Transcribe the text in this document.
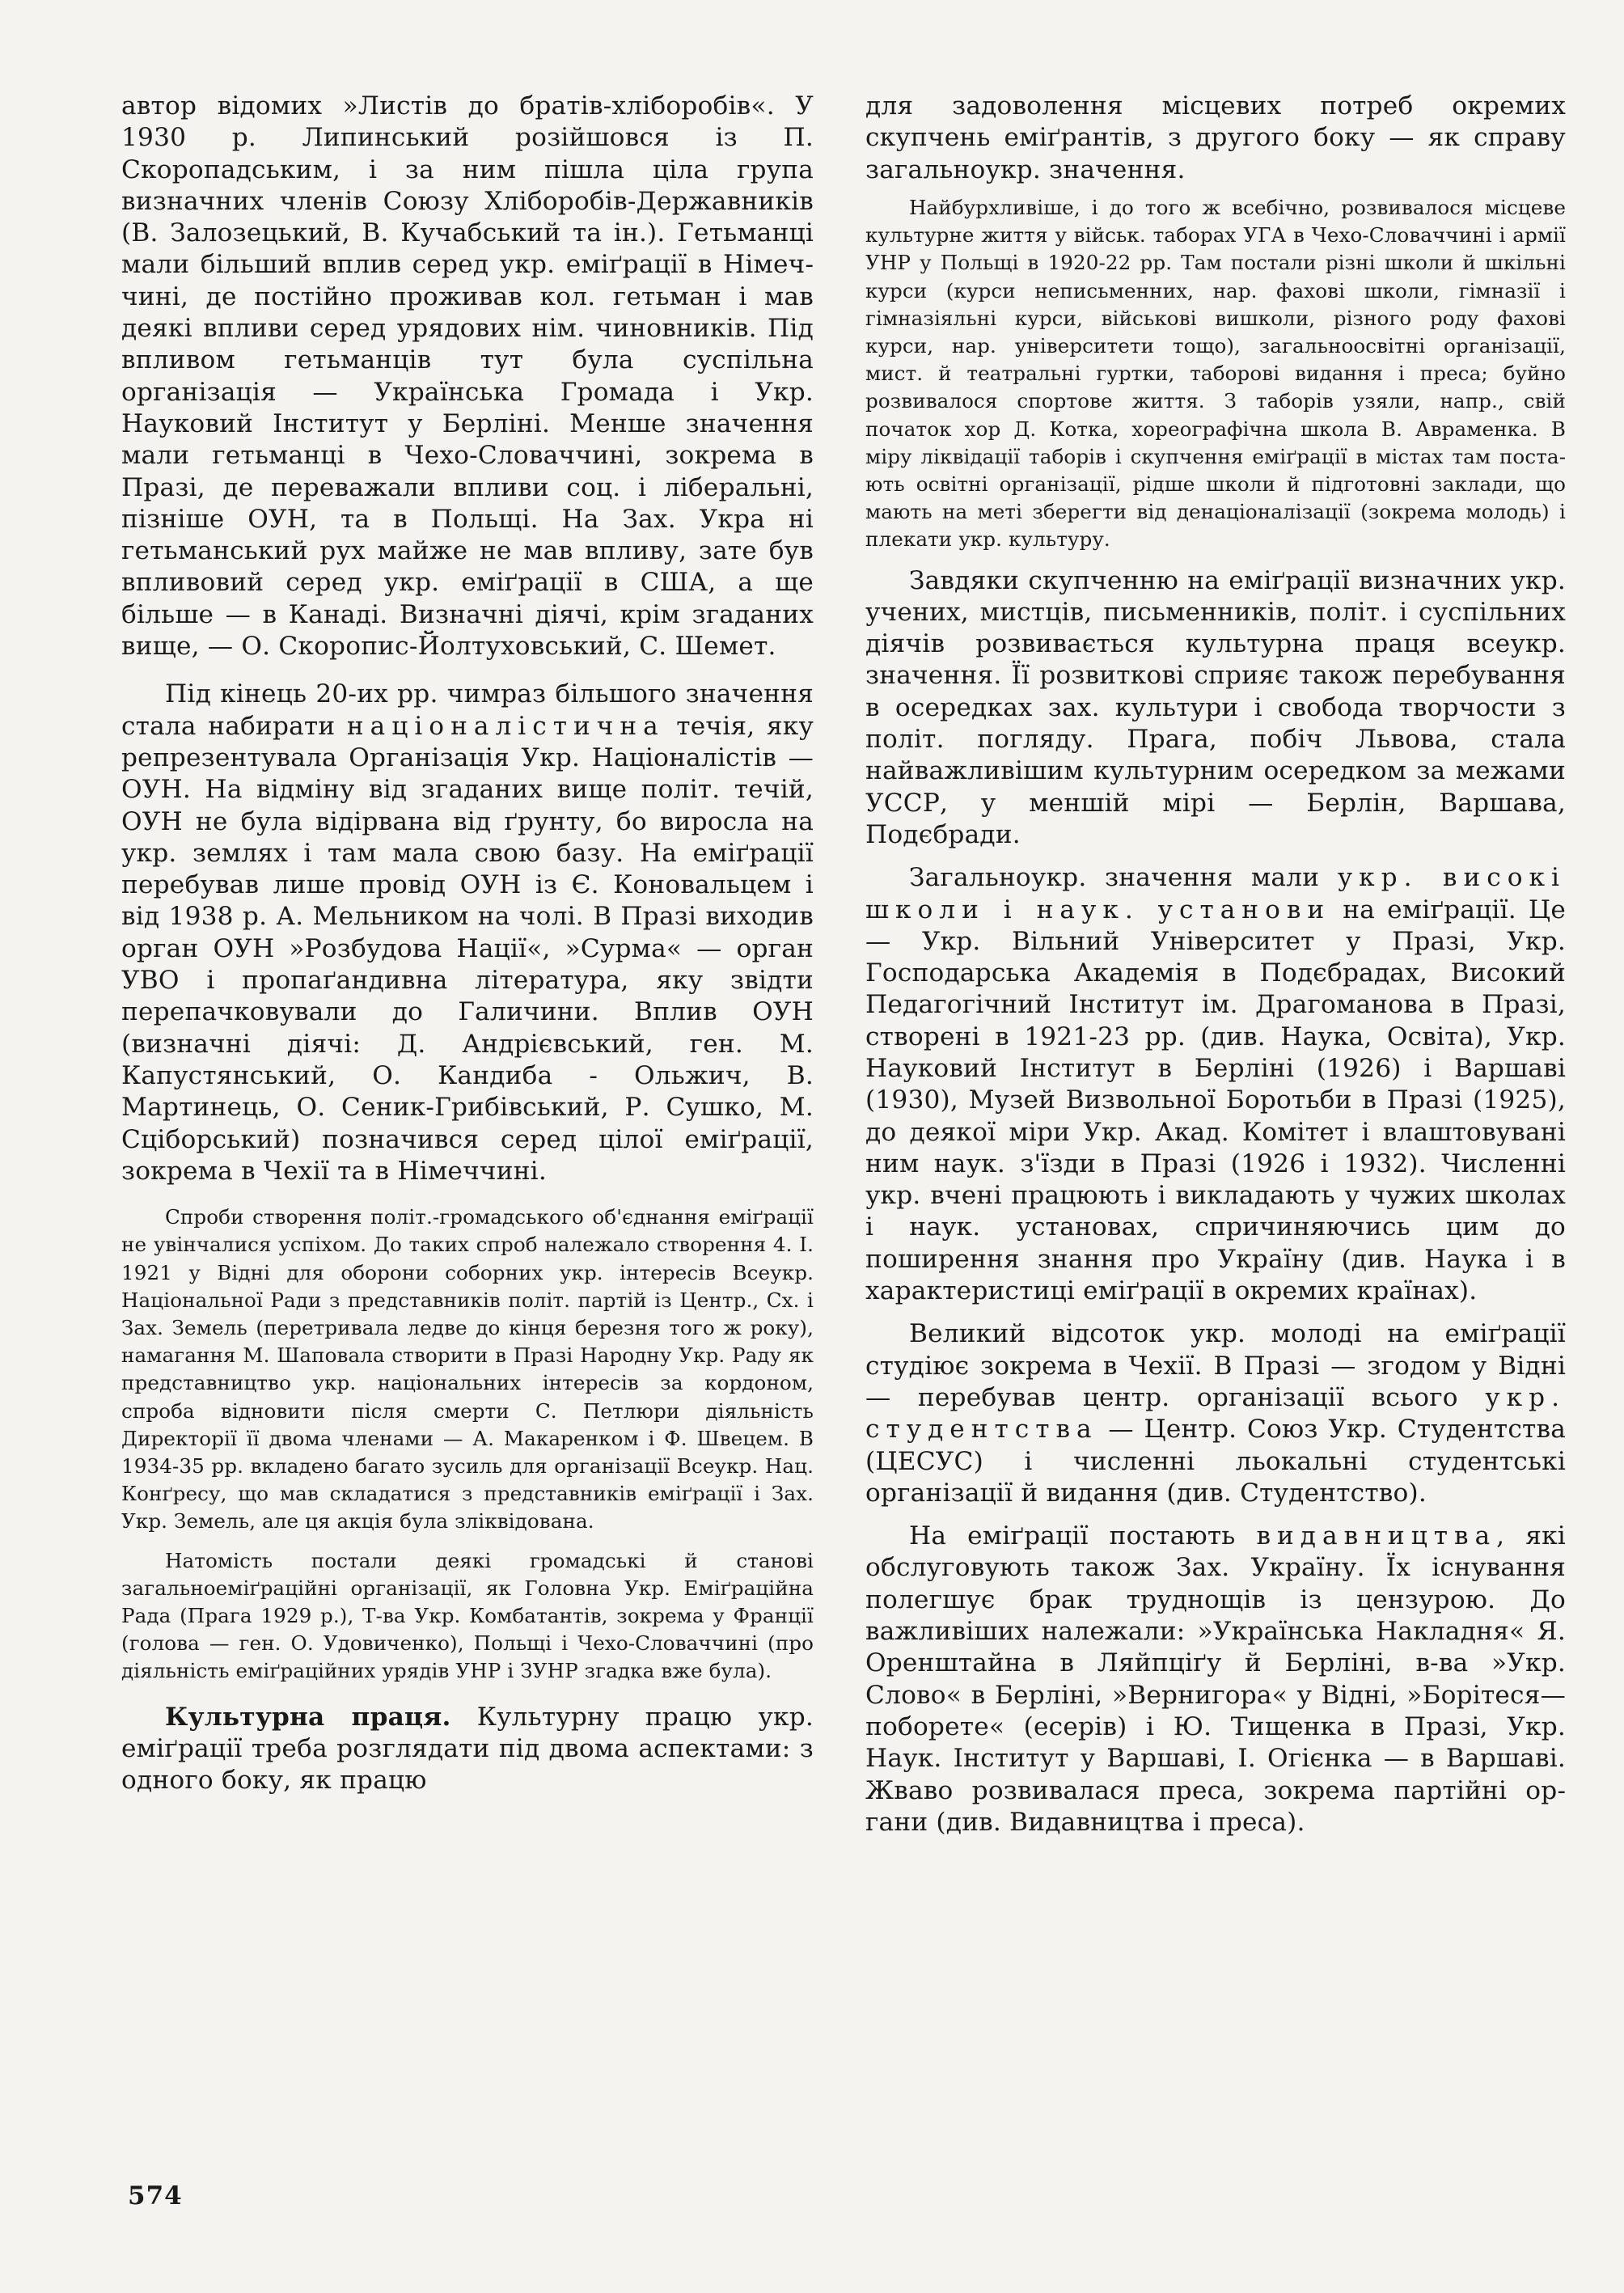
автор відомих »Листів до братів-хліборобів«. У 1930 р. Липинський розійшовся із П. Скоропадським, і за ним пішла ціла група визначних членів Союзу Хліборобів-Державників (В. Залозецький, В. Кучабський та ін.). Гетьманці мали більший вплив серед укр. еміґрації в Німеччині, де постійно проживав кол. гетьман і мав деякі впливи серед урядових нім. чиновників. Під впливом гетьманців тут була суспільна організація — Українська Громада і Укр. Науковий Інститут у Берліні. Менше значення мали гетьманці в Чехо-Словаччині, зокрема в Празі, де переважали впливи соц. і ліберальні, пізніше ОУН, та в Польщі. На Зах. Укра ні гетьманський рух майже не мав впливу, зате був впливовий серед укр. еміґрації в США, а ще більше — в Канаді. Визначні діячі, крім згаданих вище, — О. Скоропис-Йолтуховський, С. Шемет.

Під кінець 20-их рр. чимраз більшого значення стала набирати націоналістична течія, яку репрезентувала Організація Укр. Націоналістів — ОУН. На відміну від згаданих вище політ. течій, ОУН не була відірвана від ґрунту, бо виросла на укр. землях і там мала свою базу. На еміґрації перебував лише провід ОУН із Є. Коновальцем і від 1938 р. А. Мельником на чолі. В Празі виходив орган ОУН »Розбудова Нації«, »Сурма« — орган УВО і пропаґандивна література, яку звідти перепачковували до Галичини. Вплив ОУН (визначні діячі: Д. Андрієвський, ген. М. Капустянський, О. Кандиба - Ольжич, В. Мартинець, О. Сеник-Грибівський, Р. Сушко, М. Сціборський) позначився серед цілої еміґрації, зокрема в Чехії та в Німеччині.

Спроби створення політ.-громадського об'єднання еміґрації не увінчалися успіхом. До таких спроб належало створення 4. І. 1921 у Відні для оборони соборних укр. інтересів Всеукр. Національної Ради з представників політ. партій із Центр., Сх. і Зах. Земель (перетривала ледве до кінця березня того ж року), намагання М. Шаповала створити в Празі Народну Укр. Раду як представництво укр. національних інтересів за кордоном, спроба відновити після смерти С. Петлюри діяльність Директорії її двома членами — А. Макаренком і Ф. Швецем. В 1934-35 рр. вкладено багато зусиль для організації Всеукр. Нац. Конґресу, що мав складатися з представників еміґрації і Зах. Укр. Земель, але ця акція була зліквідована.

Натомість постали деякі громадські й станові загальноеміґраційні організації, як Головна Укр. Еміґраційна Рада (Прага 1929 р.), Т-ва Укр. Комбатантів, зокрема у Франції (голова — ген. О. Удовиченко), Польщі і Чехо-Словаччині (про діяльність еміґраційних урядів УНР і ЗУНР згадка вже була).

Культурна праця. Культурну працю укр. еміґрації треба розглядати під двома аспектами: з одного боку, як працю

для задоволення місцевих потреб окремих скупчень еміґрантів, з другого боку — як справу загальноукр. значення.

Найбурхливіше, і до того ж всебічно, розвивалося місцеве культурне життя у військ. таборах УГА в Чехо-Словаччині і армії УНР у Польщі в 1920-22 рр. Там постали різні школи й шкільні курси (курси неписьменних, нар. фахові школи, гімназії і гімназіяльні курси, військові вишколи, різного роду фахові курси, нар. університети тощо), загальноосвітні організації, мист. й театральні гуртки, таборові видання і преса; буйно розвивалося спортове життя. З таборів узяли, напр., свій початок хор Д. Котка, хореографічна школа В. Авраменка. В міру ліквідації таборів і скупчення еміґрації в містах там постають освітні організації, рідше школи й підготовні заклади, що мають на меті зберегти від денаціоналізації (зокрема молодь) і плекати укр. культуру.

Завдяки скупченню на еміґрації визначних укр. учених, мистців, письменників, політ. і суспільних діячів розвивається культурна праця всеукр. значення. Її розвиткові сприяє також перебування в осередках зах. культури і свобода творчости з політ. погляду. Прага, побіч Львова, стала найважливішим культурним осередком за межами УССР, у меншій мірі — Берлін, Варшава, Подєбради.

Загальноукр. значення мали укр. високі школи і наук. установи на еміґрації. Це — Укр. Вільний Університет у Празі, Укр. Господарська Академія в Подєбрадах, Високий Педагогічний Інститут ім. Драгоманова в Празі, створені в 1921-23 рр. (див. Наука, Освіта), Укр. Науковий Інститут в Берліні (1926) і Варшаві (1930), Музей Визвольної Боротьби в Празі (1925), до деякої міри Укр. Акад. Комітет і влаштовувані ним наук. з'їзди в Празі (1926 і 1932). Численні укр. вчені працюють і викладають у чужих школах і наук. установах, спричиняючись цим до поширення знання про Україну (див. Наука і в характеристиці еміґрації в окремих країнах).

Великий відсоток укр. молоді на еміґрації студіює зокрема в Чехії. В Празі — згодом у Відні — перебував центр. організації всього укр. студентства — Центр. Союз Укр. Студентства (ЦЕСУС) і численні льокальні студентські організації й видання (див. Студентство).

На еміґрації постають видавництва, які обслуговують також Зах. Україну. Їх існування полегшує брак труднощів із цензурою. До важливіших належали: »Українська Накладня« Я. Оренштайна в Ляйпціґу й Берліні, в-ва »Укр. Слово« в Берліні, »Вернигора« у Відні, »Борітеся—поборете« (есерів) і Ю. Тищенка в Празі, Укр. Наук. Інститут у Варшаві, І. Огієнка — в Варшаві. Жваво розвивалася преса, зокрема партійні органи (див. Видавництва і преса).

574
